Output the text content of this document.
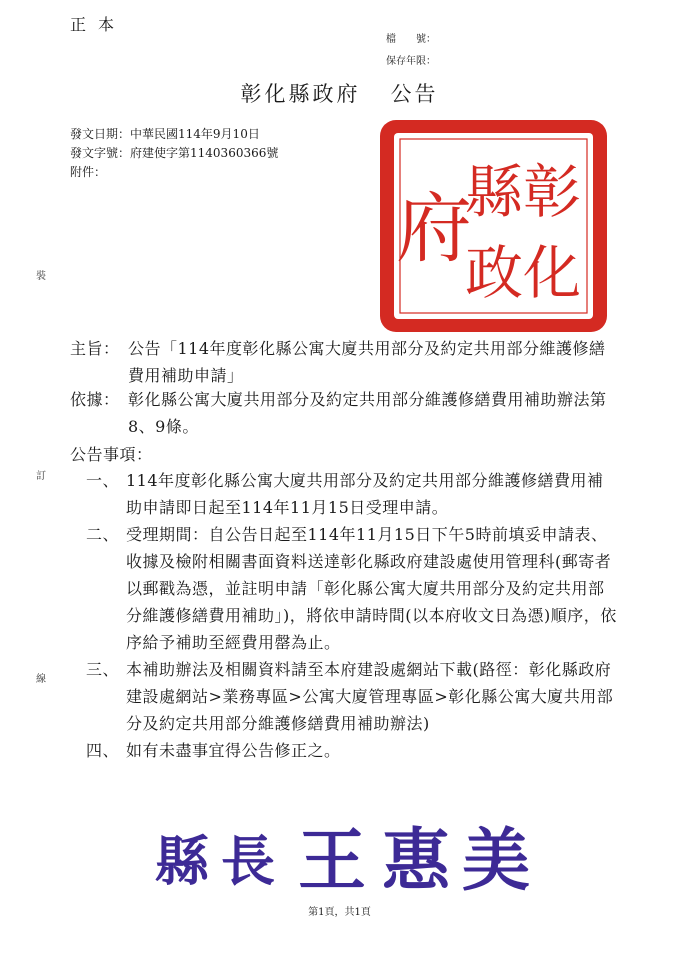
正本
檔　　號：
保存年限：
彰化縣政府 公告
發文日期：中華民國114年9月10日
發文字號：府建使字第1140360366號
附件：	彰
化
縣
政
府
裝
訂
線
主旨： 公告「114年度彰化縣公寓大廈共用部分及約定共用部分維護修繕費用補助申請」
依據： 彰化縣公寓大廈共用部分及約定共用部分維護修繕費用補助辦法第8、9條。
公告事項：
一、 114年度彰化縣公寓大廈共用部分及約定共用部分維護修繕費用補助申請即日起至114年11月15日受理申請。
二、 受理期間：自公告日起至114年11月15日下午5時前填妥申請表、收據及檢附相關書面資料送達彰化縣政府建設處使用管理科(郵寄者以郵戳為憑，並註明申請「彰化縣公寓大廈共用部分及約定共用部分維護修繕費用補助」)，將依申請時間(以本府收文日為憑)順序，依序給予補助至經費用罄為止。
三、 本補助辦法及相關資料請至本府建設處網站下載(路徑：彰化縣政府建設處網站>業務專區>公寓大廈管理專區>彰化縣公寓大廈共用部分及約定共用部分維護修繕費用補助辦法)
四、 如有未盡事宜得公告修正之。
縣 長 王 惠 美
第1頁，共1頁
